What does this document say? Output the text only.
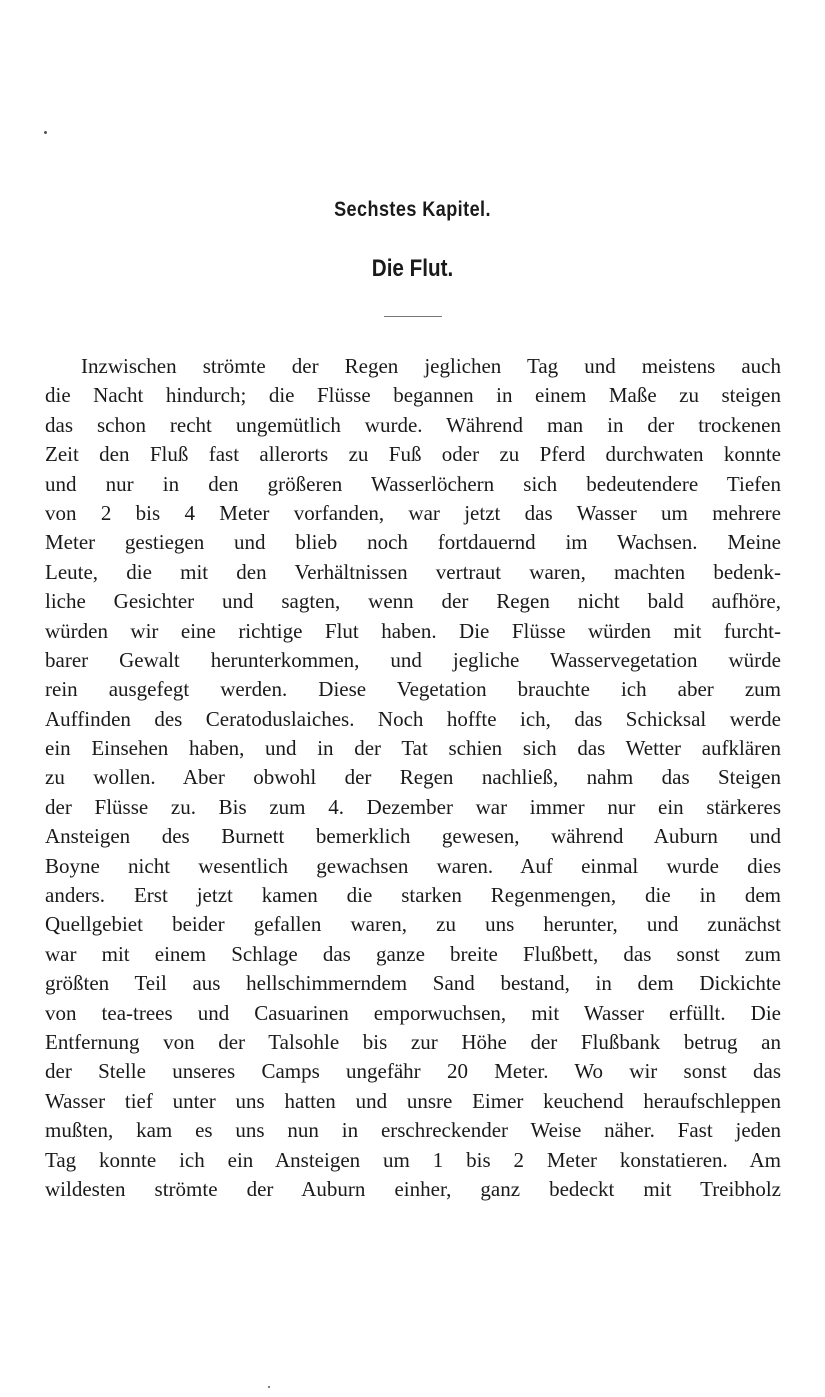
Sechstes Kapitel.
Die Flut.
Inzwischen strömte der Regen jeglichen Tag und meistens auch
die Nacht hindurch; die Flüsse begannen in einem Maße zu steigen
das schon recht ungemütlich wurde. Während man in der trockenen
Zeit den Fluß fast allerorts zu Fuß oder zu Pferd durchwaten konnte
und nur in den größeren Wasserlöchern sich bedeutendere Tiefen
von 2 bis 4 Meter vorfanden, war jetzt das Wasser um mehrere
Meter gestiegen und blieb noch fortdauernd im Wachsen. Meine
Leute, die mit den Verhältnissen vertraut waren, machten bedenk-
liche Gesichter und sagten, wenn der Regen nicht bald aufhöre,
würden wir eine richtige Flut haben. Die Flüsse würden mit furcht-
barer Gewalt herunterkommen, und jegliche Wasservegetation würde
rein ausgefegt werden. Diese Vegetation brauchte ich aber zum
Auffinden des Ceratoduslaiches. Noch hoffte ich, das Schicksal werde
ein Einsehen haben, und in der Tat schien sich das Wetter aufklären
zu wollen. Aber obwohl der Regen nachließ, nahm das Steigen
der Flüsse zu. Bis zum 4. Dezember war immer nur ein stärkeres
Ansteigen des Burnett bemerklich gewesen, während Auburn und
Boyne nicht wesentlich gewachsen waren. Auf einmal wurde dies
anders. Erst jetzt kamen die starken Regenmengen, die in dem
Quellgebiet beider gefallen waren, zu uns herunter, und zunächst
war mit einem Schlage das ganze breite Flußbett, das sonst zum
größten Teil aus hellschimmerndem Sand bestand, in dem Dickichte
von tea-trees und Casuarinen emporwuchsen, mit Wasser erfüllt. Die
Entfernung von der Talsohle bis zur Höhe der Flußbank betrug an
der Stelle unseres Camps ungefähr 20 Meter. Wo wir sonst das
Wasser tief unter uns hatten und unsre Eimer keuchend heraufschleppen
mußten, kam es uns nun in erschreckender Weise näher. Fast jeden
Tag konnte ich ein Ansteigen um 1 bis 2 Meter konstatieren. Am
wildesten strömte der Auburn einher, ganz bedeckt mit Treibholz
